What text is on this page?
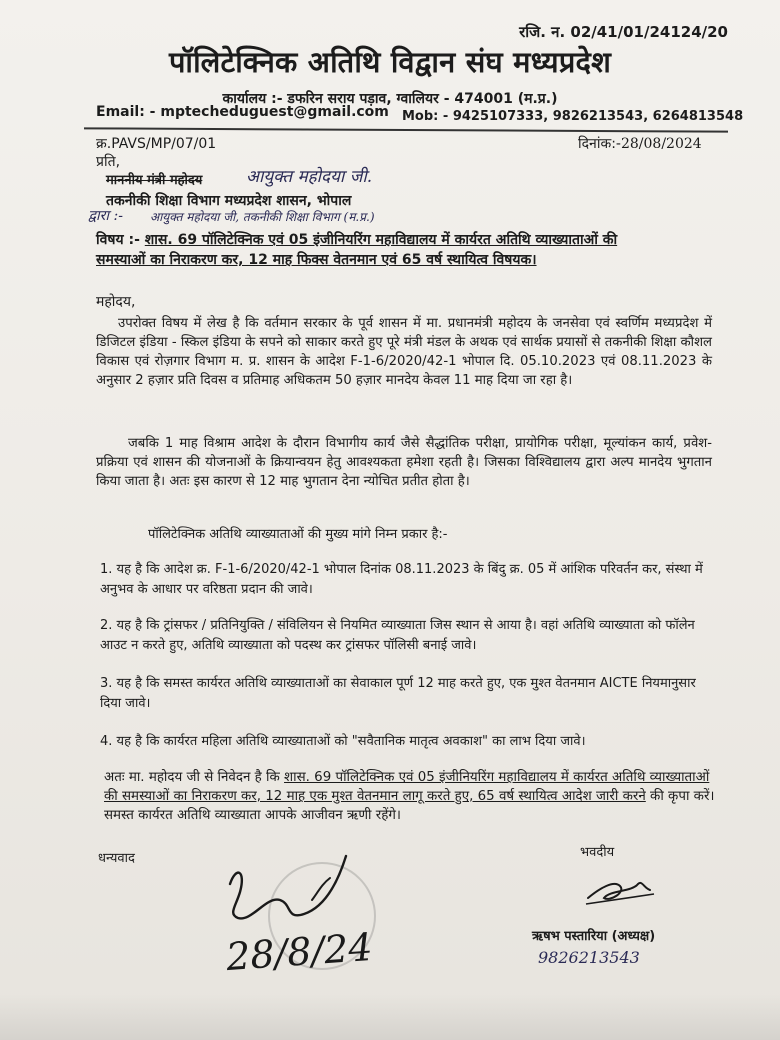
रजि. न. 02/41/01/24124/20
पॉलिटेक्निक अतिथि विद्वान संघ मध्यप्रदेश
कार्यालय :- डफरिन सराय पड़ाव, ग्वालियर - 474001 (म.प्र.)
Email: - mptecheduguest@gmail.com Mob: - 9425107333, 9826213543, 6264813548
क्र.PAVS/MP/07/01	दिनांक:-28/08/2024
प्रति,
माननीय मंत्री महोदय	आयुक्त महोदया जी.
तकनीकी शिक्षा विभाग मध्यप्रदेश शासन, भोपाल
द्वारा :- आयुक्त महोदया जी, तकनीकी शिक्षा विभाग (म.प्र.)
विषय :- शास. 69 पॉलिटेक्निक एवं 05 इंजीनियरिंग महाविद्यालय में कार्यरत अतिथि व्याख्याताओं की
समस्याओं का निराकरण कर, 12 माह फिक्स वेतनमान एवं 65 वर्ष स्थायित्व विषयक।
महोदय,
उपरोक्त विषय में लेख है कि वर्तमान सरकार के पूर्व शासन में मा. प्रधानमंत्री महोदय के जनसेवा एवं स्वर्णिम मध्यप्रदेश में डिजिटल इंडिया - स्किल इंडिया के सपने को साकार करते हुए पूरे मंत्री मंडल के अथक एवं सार्थक प्रयासों से तकनीकी शिक्षा कौशल विकास एवं रोज़गार विभाग म. प्र. शासन के आदेश F-1-6/2020/42-1 भोपाल दि. 05.10.2023 एवं 08.11.2023 के अनुसार 2 हज़ार प्रति दिवस व प्रतिमाह अधिकतम 50 हज़ार मानदेय केवल 11 माह दिया जा रहा है।
जबकि 1 माह विश्राम आदेश के दौरान विभागीय कार्य जैसे सैद्धांतिक परीक्षा, प्रायोगिक परीक्षा, मूल्यांकन कार्य, प्रवेश-प्रक्रिया एवं शासन की योजनाओं के क्रियान्वयन हेतु आवश्यकता हमेशा रहती है। जिसका विश्विद्यालय द्वारा अल्प मानदेय भुगतान किया जाता है। अतः इस कारण से 12 माह भुगतान देना न्योचित प्रतीत होता है।
पॉलिटेक्निक अतिथि व्याख्याताओं की मुख्य मांगे निम्न प्रकार है:-
1. यह है कि आदेश क्र. F-1-6/2020/42-1 भोपाल दिनांक 08.11.2023 के बिंदु क्र. 05 में आंशिक परिवर्तन कर, संस्था में अनुभव के आधार पर वरिष्ठता प्रदान की जावे।
2. यह है कि ट्रांसफर / प्रतिनियुक्ति / संविलियन से नियमित व्याख्याता जिस स्थान से आया है। वहां अतिथि व्याख्याता को फॉलेन आउट न करते हुए, अतिथि व्याख्याता को पदस्थ कर ट्रांसफर पॉलिसी बनाई जावे।
3. यह है कि समस्त कार्यरत अतिथि व्याख्याताओं का सेवाकाल पूर्ण 12 माह करते हुए, एक मुश्त वेतनमान AICTE नियमानुसार दिया जावे।
4. यह है कि कार्यरत महिला अतिथि व्याख्याताओं को "सवैतानिक मातृत्व अवकाश" का लाभ दिया जावे।
अतः मा. महोदय जी से निवेदन है कि शास. 69 पॉलिटेक्निक एवं 05 इंजीनियरिंग महाविद्यालय में कार्यरत अतिथि व्याख्याताओं की समस्याओं का निराकरण कर, 12 माह एक मुश्त वेतनमान लागू करते हुए, 65 वर्ष स्थायित्व आदेश जारी करने की कृपा करें। समस्त कार्यरत अतिथि व्याख्याता आपके आजीवन ऋणी रहेंगे।
धन्यवाद	भवदीय
28/8/24	ऋषभ पस्तारिया (अध्यक्ष)
9826213543
